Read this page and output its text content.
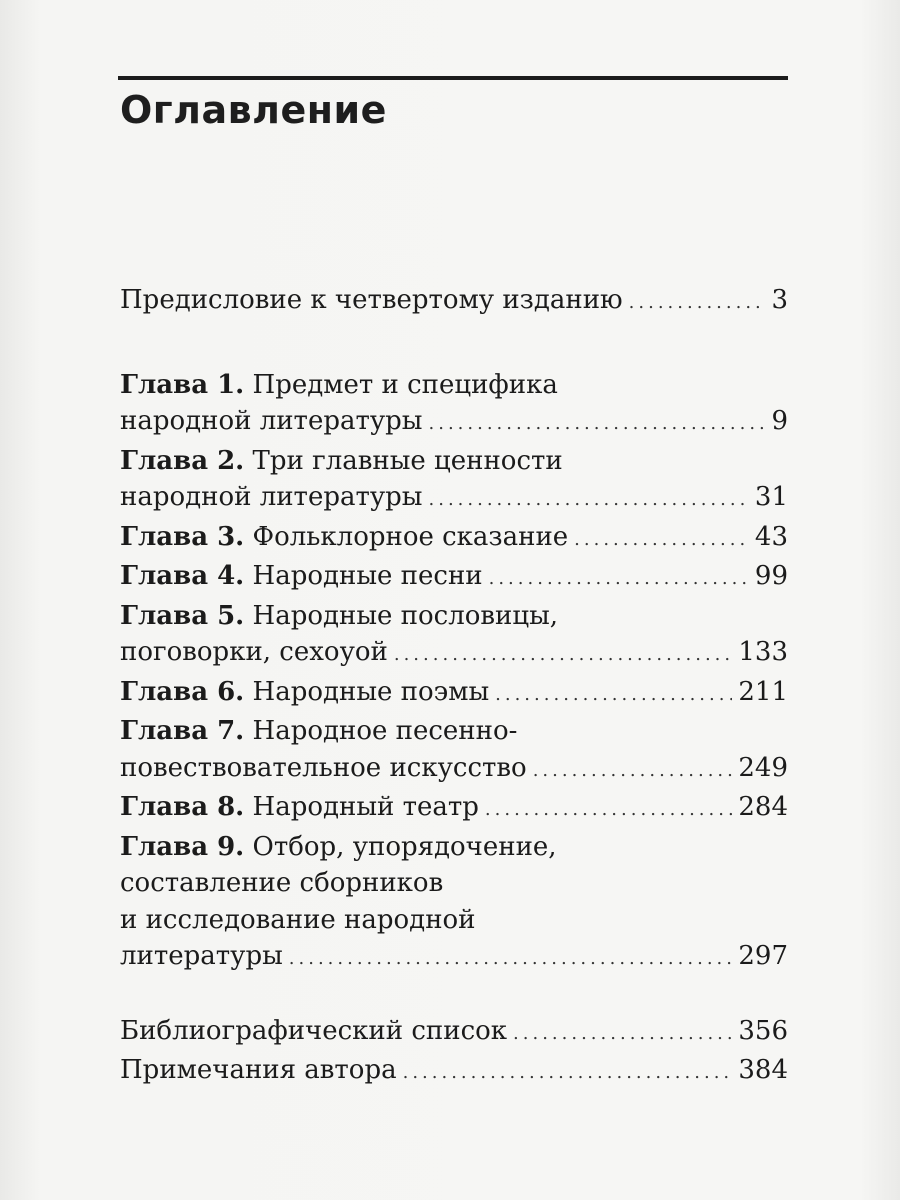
Оглавление
Предисловие к четвертому изданию .....	3
Глава 1. Предмет и специфика
народной литературы .....	9
Глава 2. Три главные ценности
народной литературы .....	31
Глава 3. Фольклорное сказание .....	43
Глава 4. Народные песни .....	99
Глава 5. Народные пословицы,
поговорки, сехоуой .....	133
Глава 6. Народные поэмы .....	211
Глава 7. Народное песенно-
повествовательное искусство .....	249
Глава 8. Народный театр .....	284
Глава 9. Отбор, упорядочение,
составление сборников
и исследование народной
литературы .....	297
Библиографический список .....	356
Примечания автора .....	384
